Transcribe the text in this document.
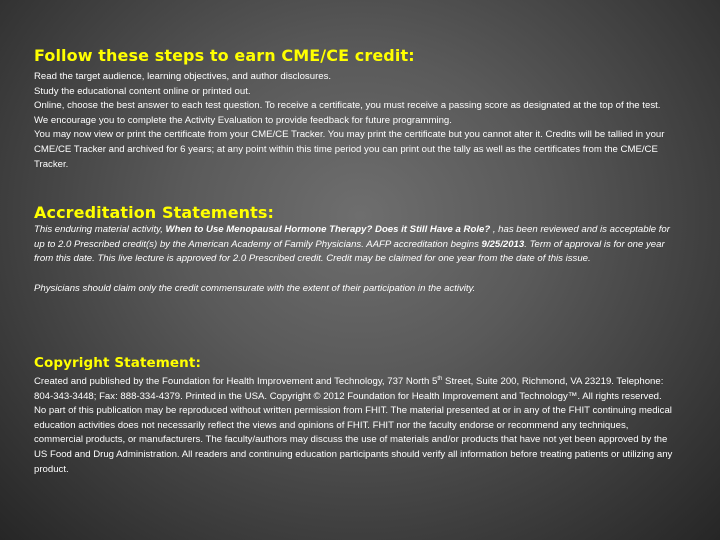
Follow these steps to earn CME/CE credit:

Read the target audience, learning objectives, and author disclosures.

Study the educational content online or printed out.

Online, choose the best answer to each test question. To receive a certificate, you must receive a passing score as designated at the top of the test. We encourage you to complete the Activity Evaluation to provide feedback for future programming.

You may now view or print the certificate from your CME/CE Tracker. You may print the certificate but you cannot alter it. Credits will be tallied in your CME/CE Tracker and archived for 6 years; at any point within this time period you can print out the tally as well as the certificates from the CME/CE Tracker.

Accreditation Statements:

This enduring material activity, When to Use Menopausal Hormone Therapy? Does it Still Have a Role? , has been reviewed and is acceptable for up to 2.0 Prescribed credit(s) by the American Academy of Family Physicians. AAFP accreditation begins 9/25/2013. Term of approval is for one year from this date. This live lecture is approved for 2.0 Prescribed credit. Credit may be claimed for one year from the date of this issue.

Physicians should claim only the credit commensurate with the extent of their participation in the activity.

Copyright Statement:

Created and published by the Foundation for Health Improvement and Technology, 737 North 5th Street, Suite 200, Richmond, VA 23219. Telephone: 804-343-3448; Fax: 888-334-4379. Printed in the USA. Copyright © 2012 Foundation for Health Improvement and Technology™. All rights reserved. No part of this publication may be reproduced without written permission from FHIT. The material presented at or in any of the FHIT continuing medical education activities does not necessarily reflect the views and opinions of FHIT. FHIT nor the faculty endorse or recommend any techniques, commercial products, or manufacturers. The faculty/authors may discuss the use of materials and/or products that have not yet been approved by the US Food and Drug Administration. All readers and continuing education participants should verify all information before treating patients or utilizing any product.
